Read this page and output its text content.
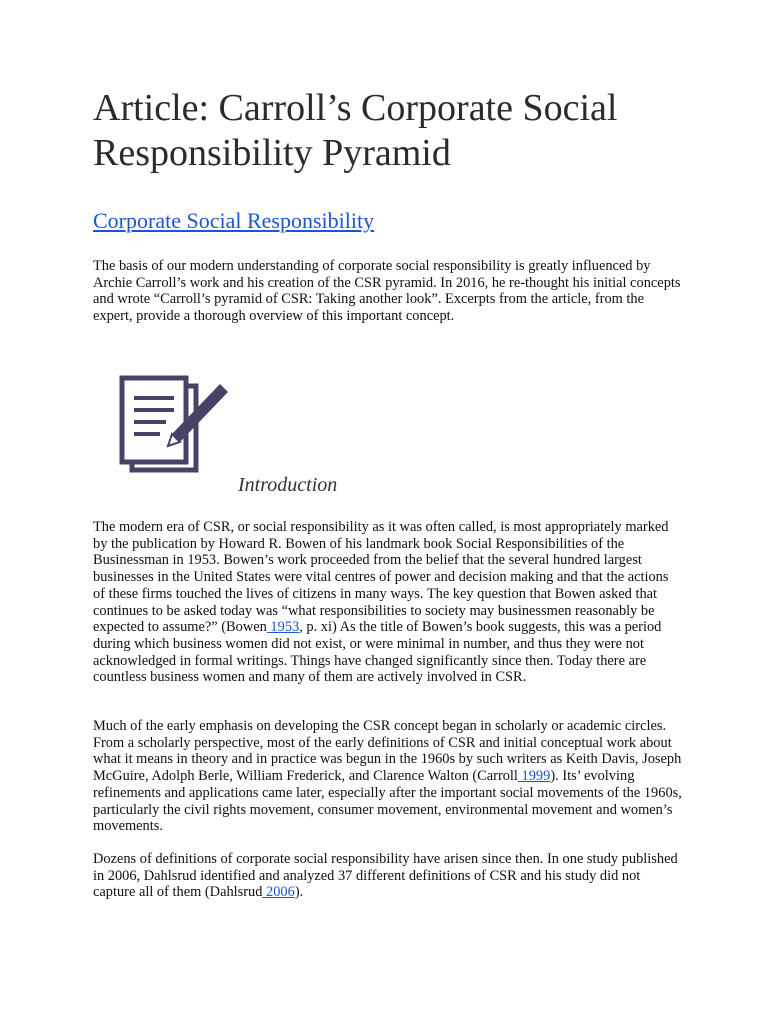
Article: Carroll’s Corporate Social Responsibility Pyramid
Corporate Social Responsibility

The basis of our modern understanding of corporate social responsibility is greatly influenced by Archie Carroll’s work and his creation of the CSR pyramid. In 2016, he re-thought his initial concepts and wrote “Carroll’s pyramid of CSR: Taking another look”. Excerpts from the article, from the expert, provide a thorough overview of this important concept.

Introduction

The modern era of CSR, or social responsibility as it was often called, is most appropriately marked by the publication by Howard R. Bowen of his landmark book Social Responsibilities of the Businessman in 1953. Bowen’s work proceeded from the belief that the several hundred largest businesses in the United States were vital centres of power and decision making and that the actions of these firms touched the lives of citizens in many ways. The key question that Bowen asked that continues to be asked today was “what responsibilities to society may businessmen reasonably be expected to assume?” (Bowen 1953, p. xi) As the title of Bowen’s book suggests, this was a period during which business women did not exist, or were minimal in number, and thus they were not acknowledged in formal writings. Things have changed significantly since then. Today there are countless business women and many of them are actively involved in CSR.

Much of the early emphasis on developing the CSR concept began in scholarly or academic circles. From a scholarly perspective, most of the early definitions of CSR and initial conceptual work about what it means in theory and in practice was begun in the 1960s by such writers as Keith Davis, Joseph McGuire, Adolph Berle, William Frederick, and Clarence Walton (Carroll 1999). Its’ evolving refinements and applications came later, especially after the important social movements of the 1960s, particularly the civil rights movement, consumer movement, environmental movement and women’s movements.

Dozens of definitions of corporate social responsibility have arisen since then. In one study published in 2006, Dahlsrud identified and analyzed 37 different definitions of CSR and his study did not capture all of them (Dahlsrud 2006).
